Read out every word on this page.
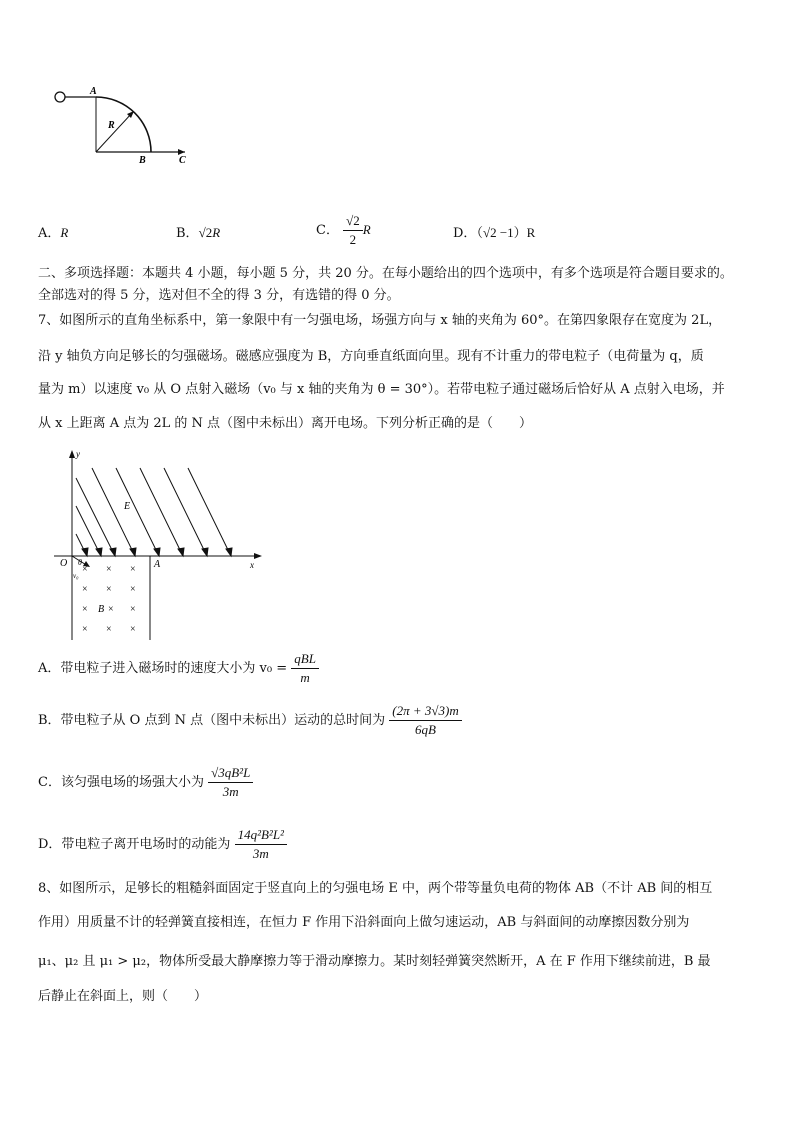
A
R
B	C
A．R	B．√2R	C． $\frac{√2}{2}$ R	D．（√2 −1）R
二、多项选择题：本题共 4 小题，每小题 5 分，共 20 分。在每小题给出的四个选项中，有多个选项是符合题目要求的。
全部选对的得 5 分，选对但不全的得 3 分，有选错的得 0 分。
7、如图所示的直角坐标系中，第一象限中有一匀强电场，场强方向与 x 轴的夹角为 60°。在第四象限存在宽度为 2L，
沿 y 轴负方向足够长的匀强磁场。磁感应强度为 B，方向垂直纸面向里。现有不计重力的带电粒子（电荷量为 q，质
量为 m）以速度 v₀ 从 O 点射入磁场（v₀ 与 x 轴的夹角为 θ = 30°）。若带电粒子通过磁场后恰好从 A 点射入电场，并
从 x 上距离 A 点为 2L 的 N 点（图中未标出）离开电场。下列分析正确的是（　　）
y
x
O	A
E
θ
v₀
B
× × ×
× × ×
× × ×
× × ×
A．带电粒子进入磁场时的速度大小为 $v_0 = \frac{\text{qBL}}{m}$
B．带电粒子从 O 点到 N 点（图中未标出）运动的总时间为 $\frac{(2\pi + 3√3)m}{6qB}$
C．该匀强电场的场强大小为 $\frac{\text{√3qB²L}}{3m}$
D．带电粒子离开电场时的动能为 $\frac{\text{14q²B²L²}}{3m}$
8、如图所示，足够长的粗糙斜面固定于竖直向上的匀强电场 E 中，两个带等量负电荷的物体 AB（不计 AB 间的相互
作用）用质量不计的轻弹簧直接相连，在恒力 F 作用下沿斜面向上做匀速运动，AB 与斜面间的动摩擦因数分别为
μ₁、μ₂ 且 μ₁ > μ₂，物体所受最大静摩擦力等于滑动摩擦力。某时刻轻弹簧突然断开，A 在 F 作用下继续前进，B 最
后静止在斜面上，则（　　）
